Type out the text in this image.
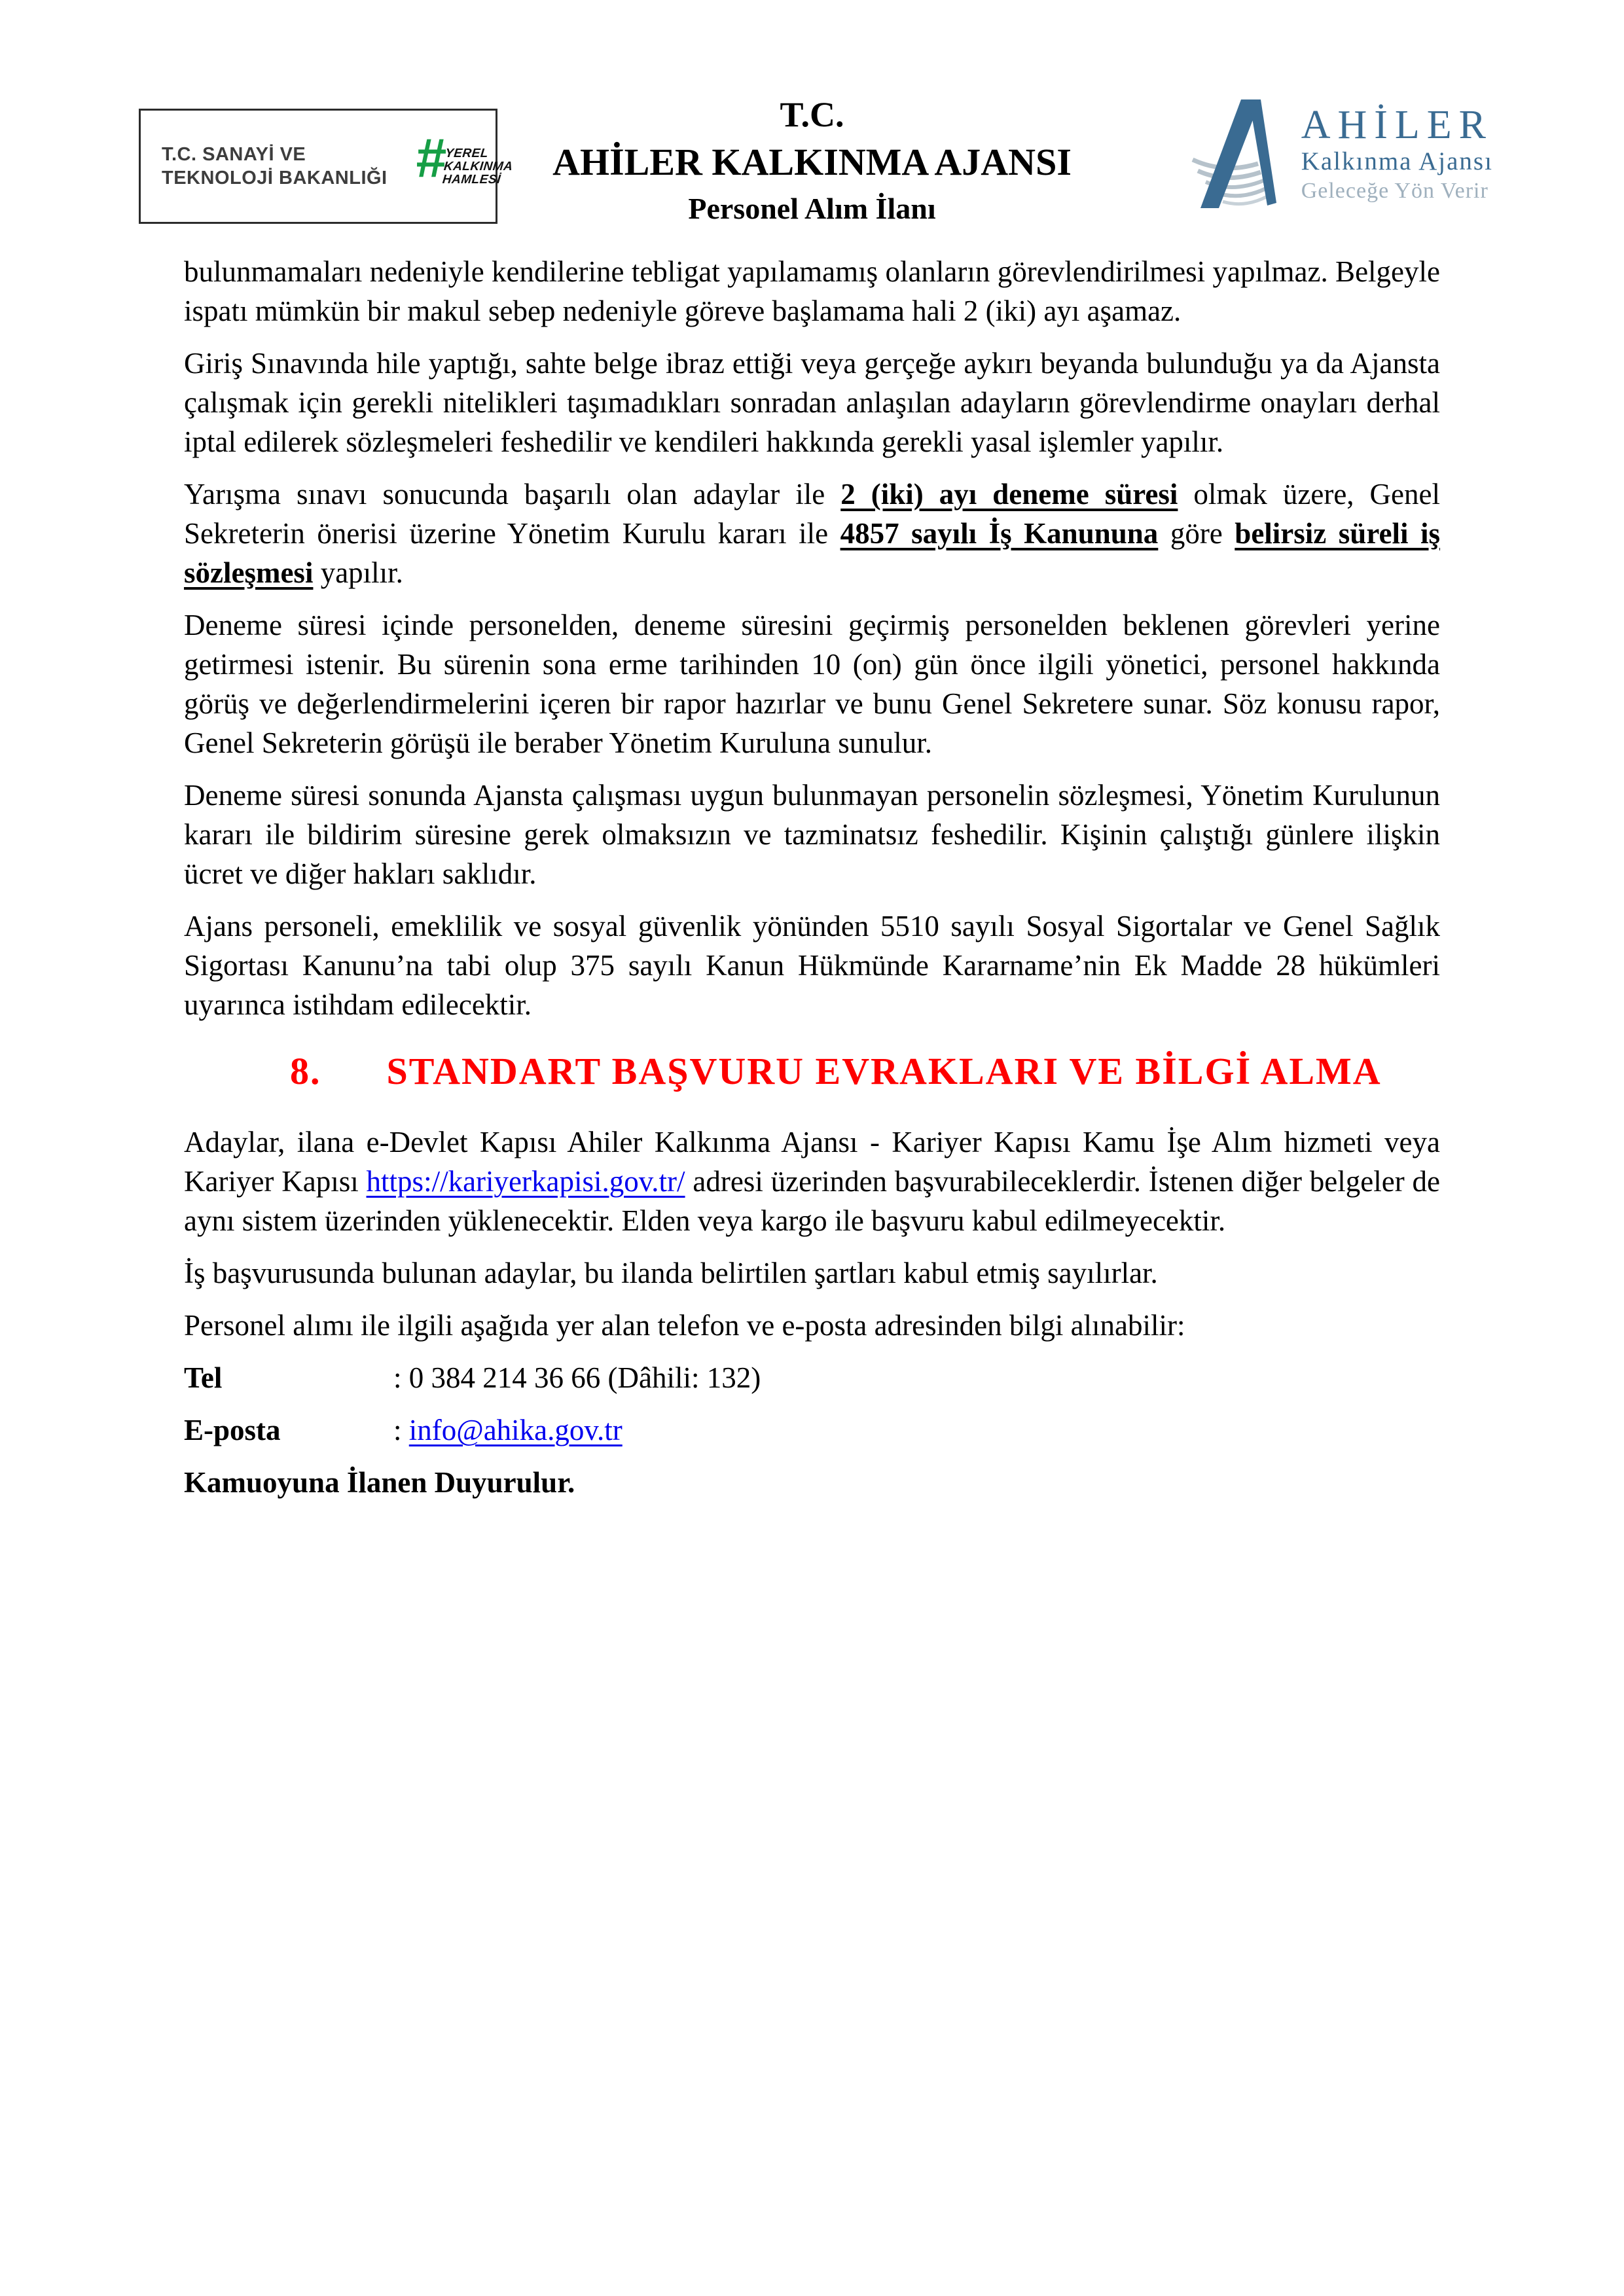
T.C. SANAYİ VE
TEKNOLOJİ BAKANLIĞI #
YEREL
KALKINMA
HAMLESİ
T.C.
AHİLER KALKINMA AJANSI
Personel Alım İlanı
AHİLER
Kalkınma Ajansı
Geleceğe Yön Verir

bulunmamaları nedeniyle kendilerine tebligat yapılamamış olanların görevlendirilmesi yapılmaz. Belgeyle ispatı mümkün bir makul sebep nedeniyle göreve başlamama hali 2 (iki) ayı aşamaz.

Giriş Sınavında hile yaptığı, sahte belge ibraz ettiği veya gerçeğe aykırı beyanda bulunduğu ya da Ajansta çalışmak için gerekli nitelikleri taşımadıkları sonradan anlaşılan adayların görevlendirme onayları derhal iptal edilerek sözleşmeleri feshedilir ve kendileri hakkında gerekli yasal işlemler yapılır.

Yarışma sınavı sonucunda başarılı olan adaylar ile 2 (iki) ayı deneme süresi olmak üzere, Genel Sekreterin önerisi üzerine Yönetim Kurulu kararı ile 4857 sayılı İş Kanununa göre belirsiz süreli iş sözleşmesi yapılır.

Deneme süresi içinde personelden, deneme süresini geçirmiş personelden beklenen görevleri yerine getirmesi istenir. Bu sürenin sona erme tarihinden 10 (on) gün önce ilgili yönetici, personel hakkında görüş ve değerlendirmelerini içeren bir rapor hazırlar ve bunu Genel Sekretere sunar. Söz konusu rapor, Genel Sekreterin görüşü ile beraber Yönetim Kuruluna sunulur.

Deneme süresi sonunda Ajansta çalışması uygun bulunmayan personelin sözleşmesi, Yönetim Kurulunun kararı ile bildirim süresine gerek olmaksızın ve tazminatsız feshedilir. Kişinin çalıştığı günlere ilişkin ücret ve diğer hakları saklıdır.

Ajans personeli, emeklilik ve sosyal güvenlik yönünden 5510 sayılı Sosyal Sigortalar ve Genel Sağlık Sigortası Kanunu’na tabi olup 375 sayılı Kanun Hükmünde Kararname’nin Ek Madde 28 hükümleri uyarınca istihdam edilecektir.

8. STANDART BAŞVURU EVRAKLARI VE BİLGİ ALMA

Adaylar, ilana e-Devlet Kapısı Ahiler Kalkınma Ajansı - Kariyer Kapısı Kamu İşe Alım hizmeti veya Kariyer Kapısı https://kariyerkapisi.gov.tr/ adresi üzerinden başvurabileceklerdir. İstenen diğer belgeler de aynı sistem üzerinden yüklenecektir. Elden veya kargo ile başvuru kabul edilmeyecektir.

İş başvurusunda bulunan adaylar, bu ilanda belirtilen şartları kabul etmiş sayılırlar.

Personel alımı ile ilgili aşağıda yer alan telefon ve e-posta adresinden bilgi alınabilir:

Tel	: 0 384 214 36 66 (Dâhili: 132)
E-posta	: info@ahika.gov.tr

Kamuoyuna İlanen Duyurulur.
